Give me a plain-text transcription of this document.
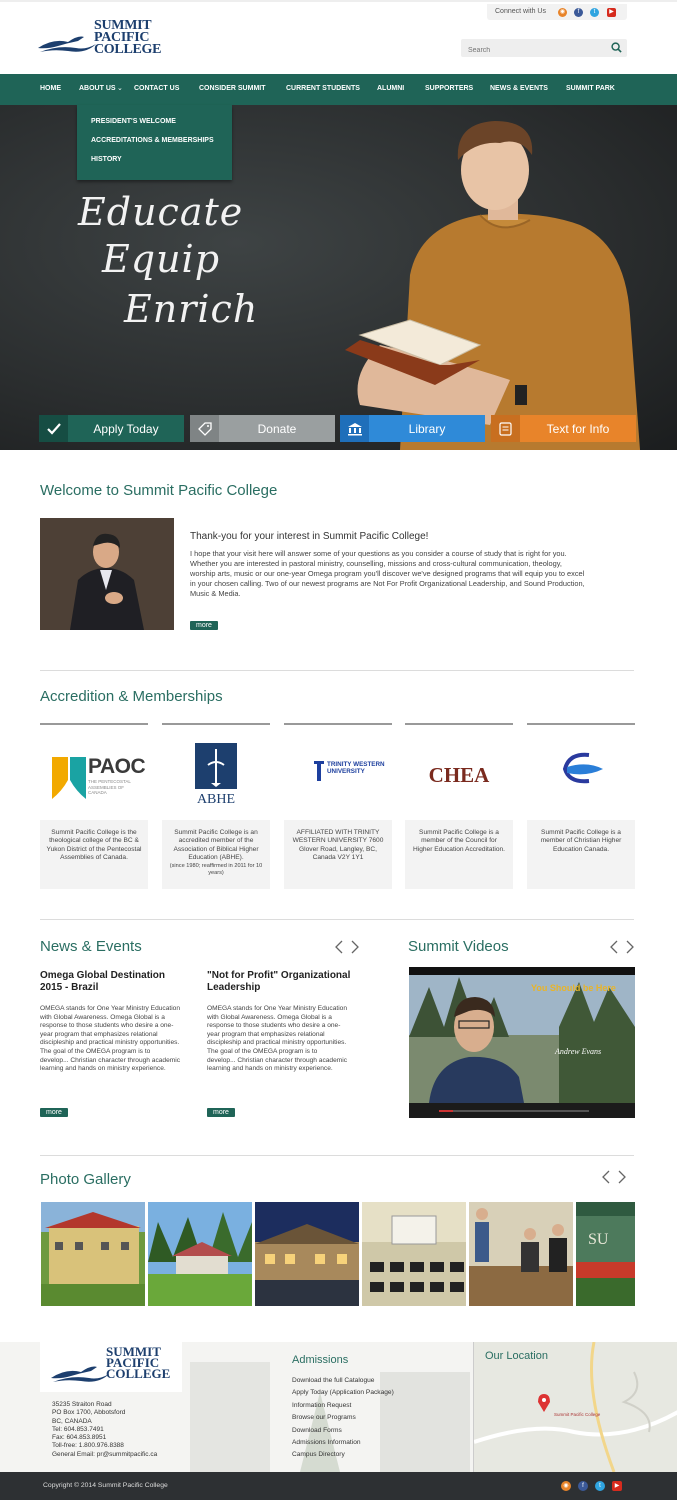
SUMMIT
PACIFIC
COLLEGE
Connect with Us	◉	f	t	▶
Search
HOME	ABOUT US ⌄ CONTACT US	CONSIDER SUMMIT	CURRENT STUDENTS ALUMNI	SUPPORTERS NEWS & EVENTS	SUMMIT PARK
Educate
Equip
Enrich
PRESIDENT'S WELCOME
ACCREDITATIONS & MEMBERSHIPS
HISTORY
Apply Today	Donate	Library	Text for Info
Welcome to Summit Pacific College
Thank-you for your interest in Summit Pacific College!
I hope that your visit here will answer some of your questions as you consider a course of study that is right for you. Whether you are interested in pastoral ministry, counselling, missions and cross-cultural communication, theology, worship arts, music or our one-year Omega program you'll discover we've designed programs that will equip you to excel in your chosen calling. Two of our newest programs are Not For Profit Organizational Leadership, and Sound Production, Music & Media.
more
Accredition & Memberships
PAOC
THE PENTECOSTAL ASSEMBLIES OF CANADA
Summit Pacific College is the theological college of the BC & Yukon District of the Pentecostal Assemblies of Canada.
ABHE
Summit Pacific College is an accredited member of the Association of Biblical Higher Education (ABHE).
(since 1980; reaffirmed in 2011 for 10 years)
TRINITY WESTERN UNIVERSITY
AFFILIATED WITH TRINITY WESTERN UNIVERSITY 7600 Glover Road, Langley, BC, Canada V2Y 1Y1
CHEA
Summit Pacific College is a member of the Council for Higher Education Accreditation.
Summit Pacific College is a member of Christian Higher Education Canada.
News & Events
Omega Global Destination 2015 - Brazil
OMEGA stands for One Year Ministry Education with Global Awareness. Omega Global is a response to those students who desire a one-year program that emphasizes relational discipleship and practical ministry opportunities. The goal of the OMEGA program is to develop... Christian character through academic learning and hands on ministry experience.
more
"Not for Profit" Organizational Leadership
OMEGA stands for One Year Ministry Education with Global Awareness. Omega Global is a response to those students who desire a one-year program that emphasizes relational discipleship and practical ministry opportunities. The goal of the OMEGA program is to develop... Christian character through academic learning and hands on ministry experience.
more
Summit Videos
You Should be Here
Andrew Evans
Photo Gallery
SU
SUMMIT
PACIFIC
COLLEGE
35235 Straiton Road
PO Box 1700, Abbotsford
BC, CANADA
Tel: 604.853.7491
Fax: 604.853.8951
Toll-free: 1.800.976.8388
General Email: pr@summitpacific.ca
Admissions
Download the full Catalogue
Apply Today (Application Package)
Information Request
Browse our Programs
Download Forms
Admissions Information
Campus Directory
Our Location
Summit Pacific College
Copyright © 2014 Summit Pacific College	◉	f	t	▶
